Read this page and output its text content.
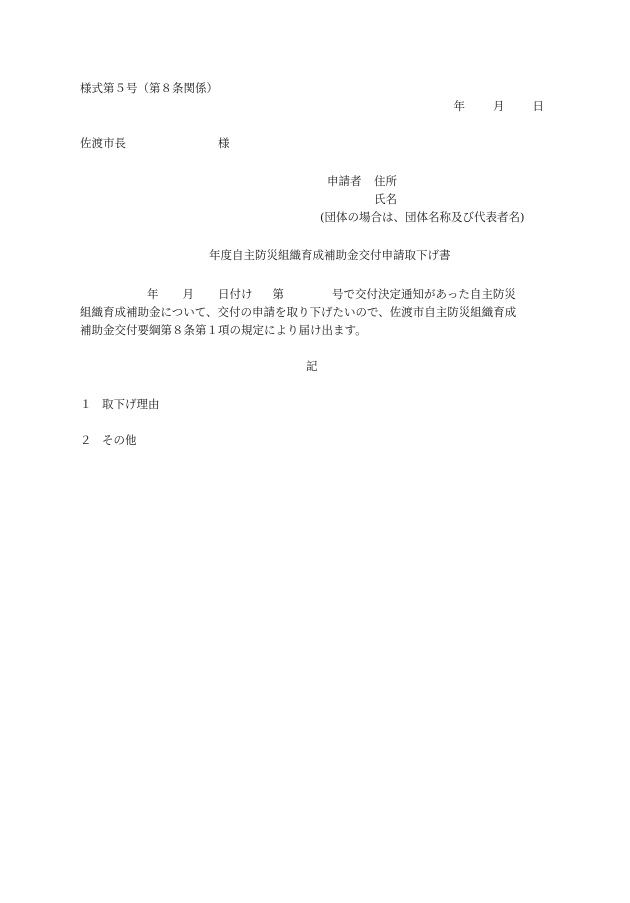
様式第５号（第８条関係）
年 月 日
佐渡市長	様
申請者 住所
氏名
(団体の場合は、団体名称及び代表者名)
年度自主防災組織育成補助金交付申請取下げ書
年 月 日付け 第	号で交付決定通知があった自主防災
組織育成補助金について、交付の申請を取り下げたいので、佐渡市自主防災組織育成
補助金交付要綱第８条第１項の規定により届け出ます。
記
１ 取下げ理由
２ その他
